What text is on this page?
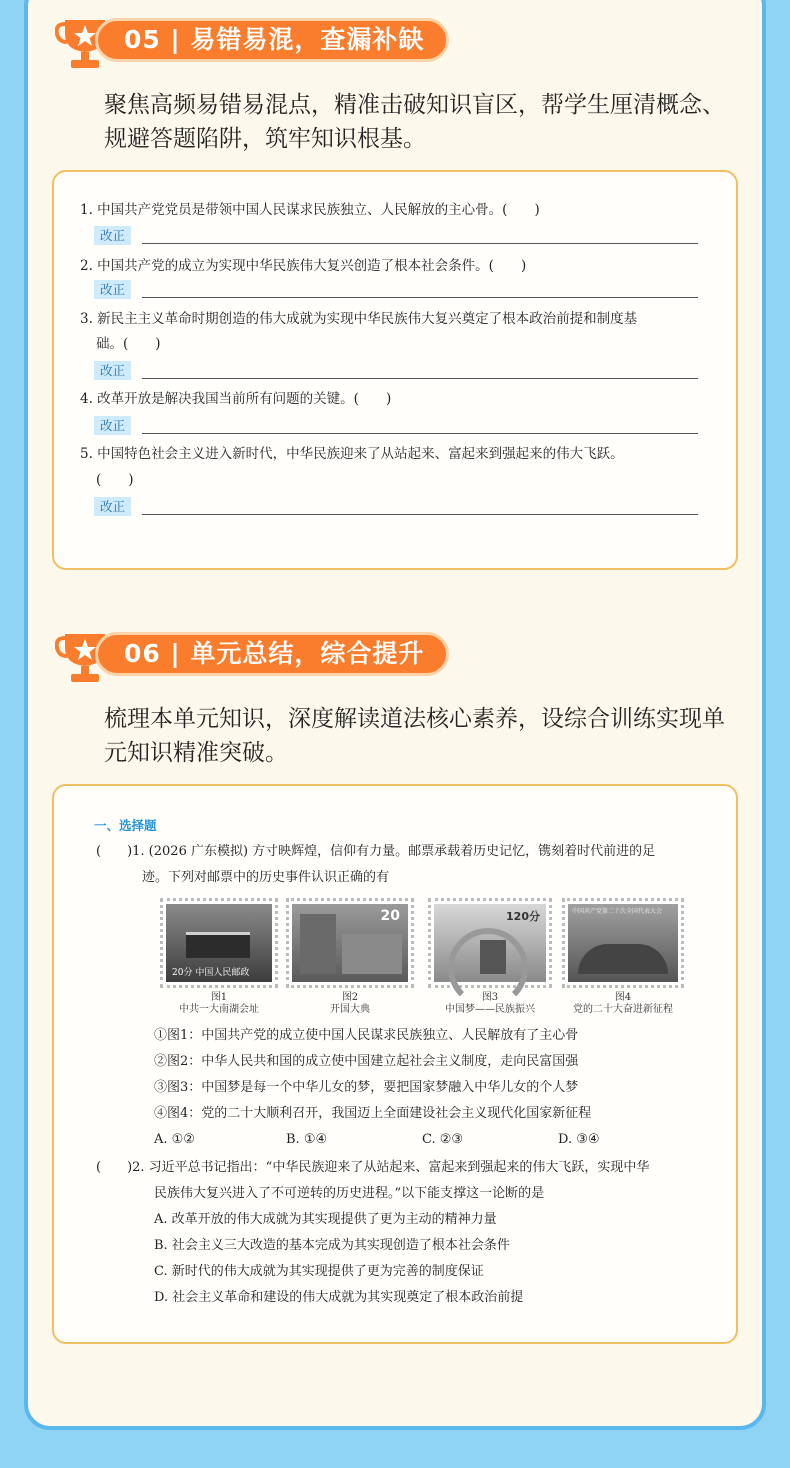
05 | 易错易混，查漏补缺
聚焦高频易错易混点，精准击破知识盲区，帮学生厘清概念、规避答题陷阱，筑牢知识根基。
1. 中国共产党党员是带领中国人民谋求民族独立、人民解放的主心骨。(　　)
改正
2. 中国共产党的成立为实现中华民族伟大复兴创造了根本社会条件。(　　)
改正
3. 新民主主义革命时期创造的伟大成就为实现中华民族伟大复兴奠定了根本政治前提和制度基
础。(　　)
改正
4. 改革开放是解决我国当前所有问题的关键。(　　)
改正
5. 中国特色社会主义进入新时代，中华民族迎来了从站起来、富起来到强起来的伟大飞跃。
(　　)
改正
06 | 单元总结，综合提升
梳理本单元知识，深度解读道法核心素养，设综合训练实现单元知识精准突破。
一、选择题
(　　)1. (2026 广东模拟) 方寸映辉煌，信仰有力量。邮票承载着历史记忆，镌刻着时代前进的足
迹。下列对邮票中的历史事件认识正确的有
20分 中国人民邮政
20	120分	中国共产党第二十次全国代表大会
图1
中共一大南湖会址
图2
开国大典
图3
中国梦——民族振兴
图4
党的二十大奋进新征程
①图1：中国共产党的成立使中国人民谋求民族独立、人民解放有了主心骨
②图2：中华人民共和国的成立使中国建立起社会主义制度，走向民富国强
③图3：中国梦是每一个中华儿女的梦，要把国家梦融入中华儿女的个人梦
④图4：党的二十大顺利召开，我国迈上全面建设社会主义现代化国家新征程
A. ①②	B. ①④	C. ②③	D. ③④
(　　)2. 习近平总书记指出：“中华民族迎来了从站起来、富起来到强起来的伟大飞跃，实现中华
民族伟大复兴进入了不可逆转的历史进程。”以下能支撑这一论断的是
A. 改革开放的伟大成就为其实现提供了更为主动的精神力量
B. 社会主义三大改造的基本完成为其实现创造了根本社会条件
C. 新时代的伟大成就为其实现提供了更为完善的制度保证
D. 社会主义革命和建设的伟大成就为其实现奠定了根本政治前提
